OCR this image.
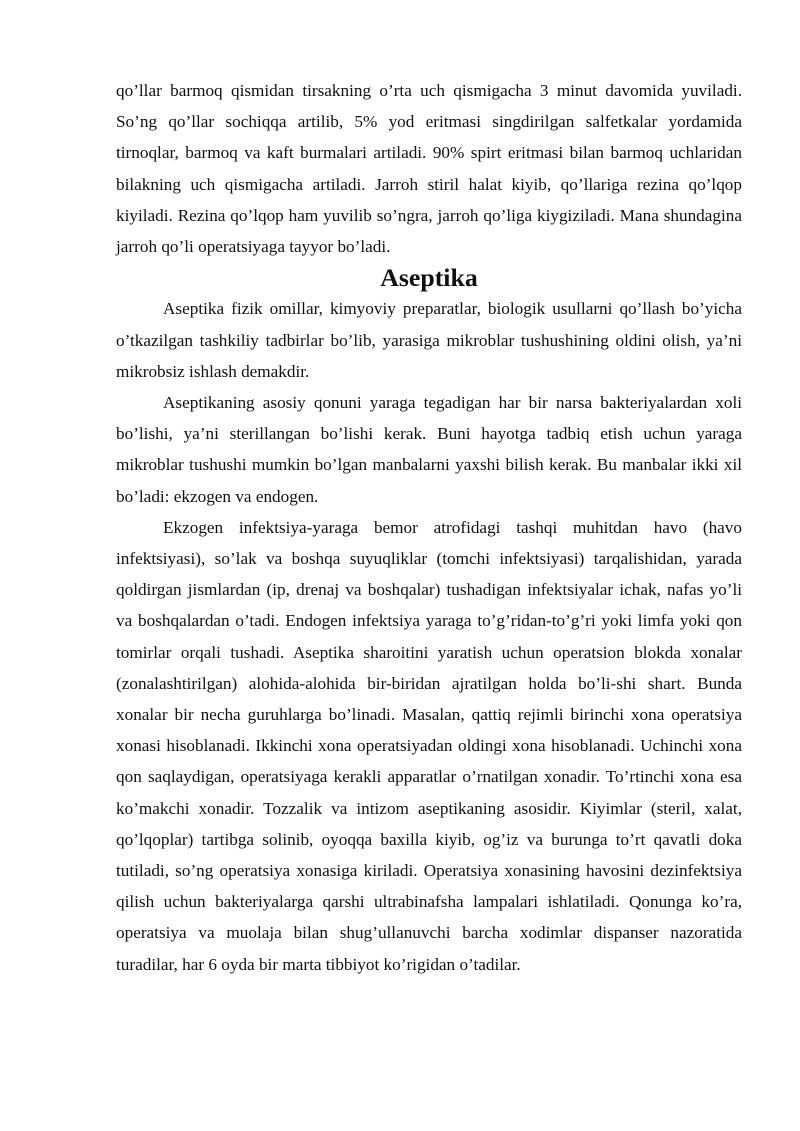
qo’llar barmoq qismidan tirsakning o’rta uch qismigacha 3 minut davomida yuviladi. So’ng qo’llar sochiqqa artilib, 5% yod eritmasi singdirilgan salfetkalar yordamida tirnoqlar, barmoq va kaft burmalari artiladi. 90% spirt eritmasi bilan barmoq uchlaridan bilakning uch qismigacha artiladi. Jarroh stiril halat kiyib, qo’llariga rezina qo’lqop kiyiladi. Rezina qo’lqop ham yuvilib so’ngra, jarroh qo’liga kiygiziladi. Mana shundagina jarroh qo’li operatsiyaga tayyor bo’ladi.

Aseptika

Aseptika fizik omillar, kimyoviy preparatlar, biologik usullarni qo’llash bo’yicha o’tkazilgan tashkiliy tadbirlar bo’lib, yarasiga mikroblar tushushining oldini olish, ya’ni mikrobsiz ishlash demakdir.

Aseptikaning asosiy qonuni yaraga tegadigan har bir narsa bakteriyalardan xoli bo’lishi, ya’ni sterillangan bo’lishi kerak. Buni hayotga tadbiq etish uchun yaraga mikroblar tushushi mumkin bo’lgan manbalarni yaxshi bilish kerak. Bu manbalar ikki xil bo’ladi: ekzogen va endogen.

Ekzogen infektsiya-yaraga bemor atrofidagi tashqi muhitdan havo (havo infektsiyasi), so’lak va boshqa suyuqliklar (tomchi infektsiyasi) tarqalishidan, yarada qoldirgan jismlardan (ip, drenaj va boshqalar) tushadigan infektsiyalar ichak, nafas yo’li va boshqalardan o’tadi. Endogen infektsiya yaraga to’g’ridan-to’g’ri yoki limfa yoki qon tomirlar orqali tushadi. Aseptika sharoitini yaratish uchun operatsion blokda xonalar (zonalashtirilgan) alohida-alohida bir-biridan ajratilgan holda bo’li-shi shart. Bunda xonalar bir necha guruhlarga bo’linadi. Masalan, qattiq rejimli birinchi xona operatsiya xonasi hisoblanadi. Ikkinchi xona operatsiyadan oldingi xona hisoblanadi. Uchinchi xona qon saqlaydigan, operatsiyaga kerakli apparatlar o’rnatilgan xonadir. To’rtinchi xona esa ko’makchi xonadir. Tozzalik va intizom aseptikaning asosidir. Kiyimlar (steril, xalat, qo’lqoplar) tartibga solinib, oyoqqa baxilla kiyib, og’iz va burunga to’rt qavatli doka tutiladi, so’ng operatsiya xonasiga kiriladi. Operatsiya xonasining havosini dezinfektsiya qilish uchun bakteriyalarga qarshi ultrabinafsha lampalari ishlatiladi. Qonunga ko’ra, operatsiya va muolaja bilan shug’ullanuvchi barcha xodimlar dispanser nazoratida turadilar, har 6 oyda bir marta tibbiyot ko’rigidan o’tadilar.
